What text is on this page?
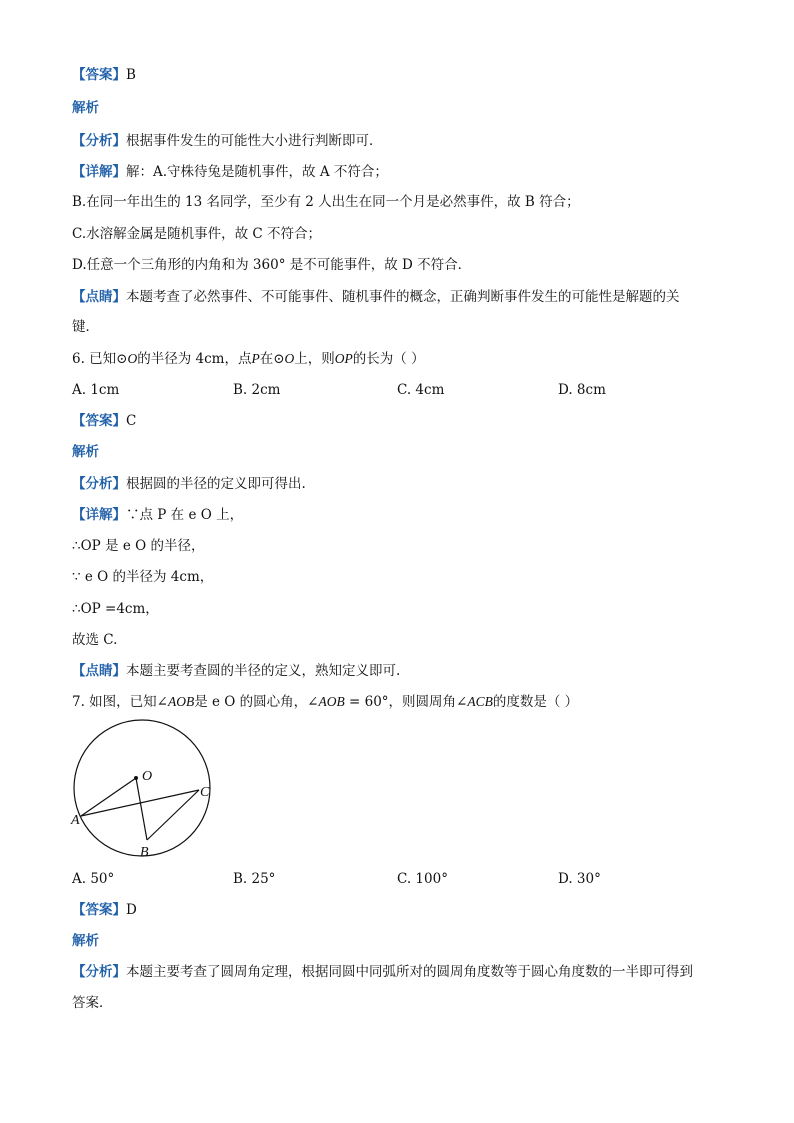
【答案】B
解析
【分析】根据事件发生的可能性大小进行判断即可．
【详解】解：A.守株待兔是随机事件，故 A 不符合；
B.在同一年出生的 13 名同学，至少有 2 人出生在同一个月是必然事件，故 B 符合；
C.水溶解金属是随机事件，故 C 不符合；
D.任意一个三角形的内角和为 360° 是不可能事件，故 D 不符合．
【点睛】本题考查了必然事件、不可能事件、随机事件的概念，正确判断事件发生的可能性是解题的关
键．
6. 已知⊙O的半径为 4cm，点P在⊙O上，则OP的长为（ ）
A. 1cm	B. 2cm	C. 4cm	D. 8cm
【答案】C
解析
【分析】根据圆的半径的定义即可得出.
【详解】∵点 P 在 e O 上，
∴OP 是 e O 的半径，
∵ e O 的半径为 4cm，
∴OP =4cm，
故选 C.
【点睛】本题主要考查圆的半径的定义，熟知定义即可.
7. 如图，已知∠AOB是 e O 的圆心角，∠AOB = 60°，则圆周角∠ACB的度数是（ ）
O
A
B
C
A. 50°	B. 25°	C. 100°	D. 30°
【答案】D
解析
【分析】本题主要考查了圆周角定理，根据同圆中同弧所对的圆周角度数等于圆心角度数的一半即可得到
答案．
